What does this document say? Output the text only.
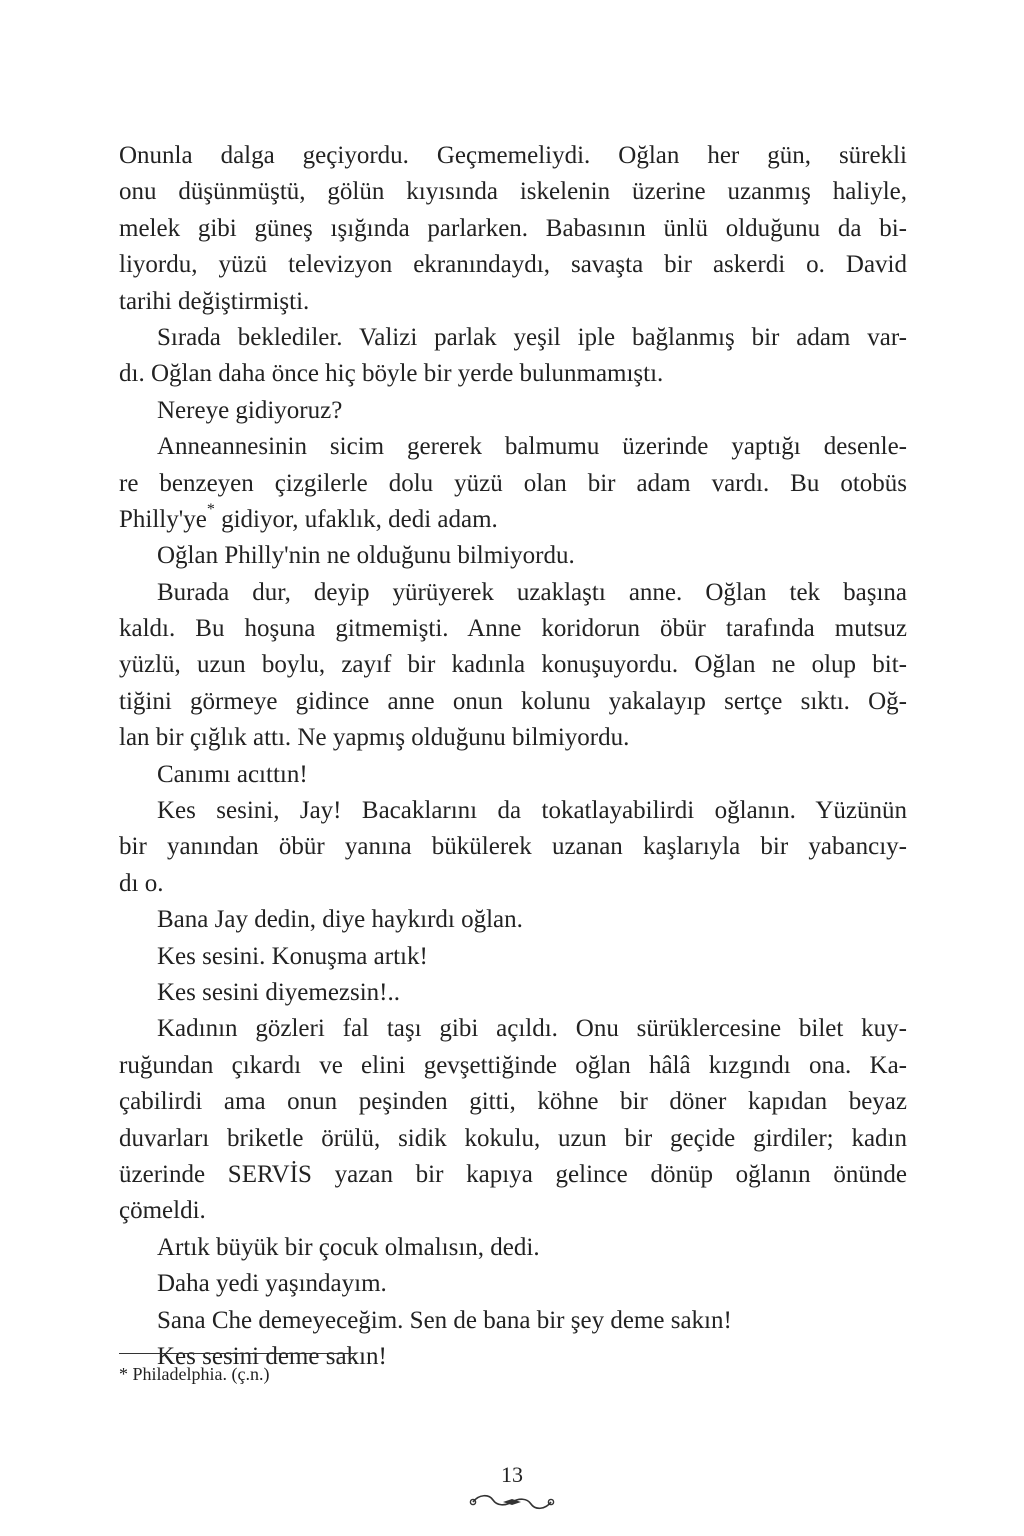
Onunla dalga geçiyordu. Geçmemeliydi. Oğlan her gün, sürekli
onu düşünmüştü, gölün kıyısında iskelenin üzerine uzanmış haliyle,
melek gibi güneş ışığında parlarken. Babasının ünlü olduğunu da bi-
liyordu, yüzü televizyon ekranındaydı, savaşta bir askerdi o. David
tarihi değiştirmişti.
Sırada beklediler. Valizi parlak yeşil iple bağlanmış bir adam var-
dı. Oğlan daha önce hiç böyle bir yerde bulunmamıştı.
Nereye gidiyoruz?
Anneannesinin sicim gererek balmumu üzerinde yaptığı desenle-
re benzeyen çizgilerle dolu yüzü olan bir adam vardı. Bu otobüs
Philly'ye* gidiyor, ufaklık, dedi adam.
Oğlan Philly'nin ne olduğunu bilmiyordu.
Burada dur, deyip yürüyerek uzaklaştı anne. Oğlan tek başına
kaldı. Bu hoşuna gitmemişti. Anne koridorun öbür tarafında mutsuz
yüzlü, uzun boylu, zayıf bir kadınla konuşuyordu. Oğlan ne olup bit-
tiğini görmeye gidince anne onun kolunu yakalayıp sertçe sıktı. Oğ-
lan bir çığlık attı. Ne yapmış olduğunu bilmiyordu.
Canımı acıttın!
Kes sesini, Jay! Bacaklarını da tokatlayabilirdi oğlanın. Yüzünün
bir yanından öbür yanına bükülerek uzanan kaşlarıyla bir yabancıy-
dı o.
Bana Jay dedin, diye haykırdı oğlan.
Kes sesini. Konuşma artık!
Kes sesini diyemezsin!..
Kadının gözleri fal taşı gibi açıldı. Onu sürüklercesine bilet kuy-
ruğundan çıkardı ve elini gevşettiğinde oğlan hâlâ kızgındı ona. Ka-
çabilirdi ama onun peşinden gitti, köhne bir döner kapıdan beyaz
duvarları briketle örülü, sidik kokulu, uzun bir geçide girdiler; kadın
üzerinde SERVİS yazan bir kapıya gelince dönüp oğlanın önünde
çömeldi.
Artık büyük bir çocuk olmalısın, dedi.
Daha yedi yaşındayım.
Sana Che demeyeceğim. Sen de bana bir şey deme sakın!
Kes sesini deme sakın!
* Philadelphia. (ç.n.)
13
